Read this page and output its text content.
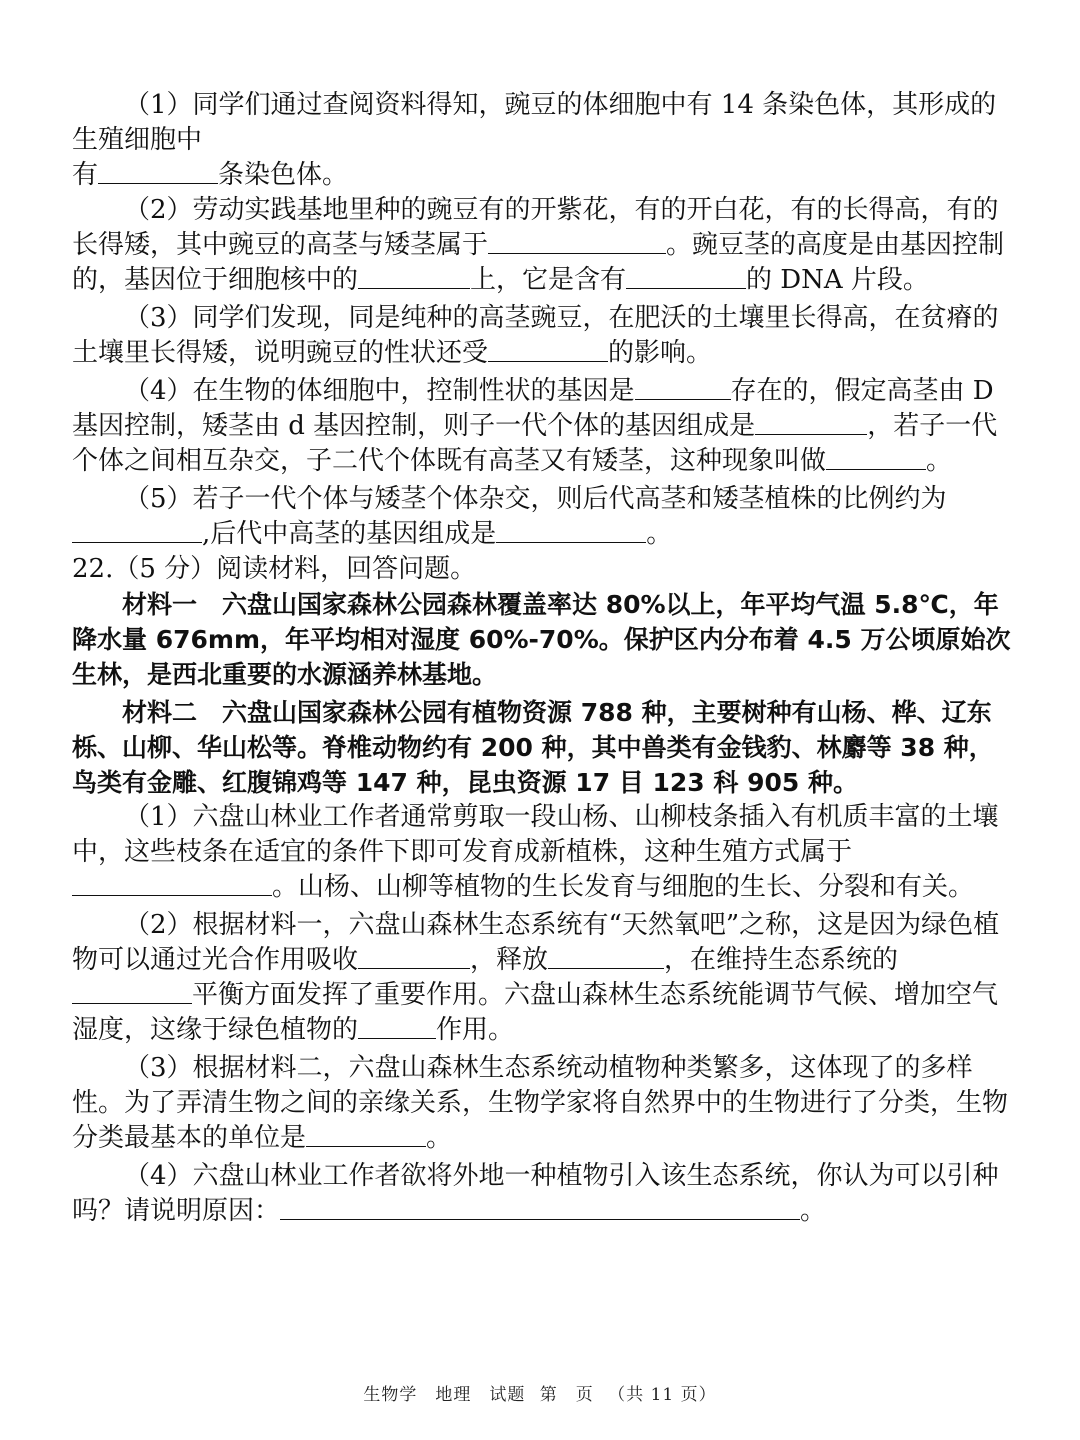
（1）同学们通过查阅资料得知，豌豆的体细胞中有 14 条染色体，其形成的生殖细胞中
有	条染色体。

（2）劳动实践基地里种的豌豆有的开紫花，有的开白花，有的长得高，有的长得矮，其中豌豆的高茎与矮茎属于	。豌豆茎的高度是由基因控制的，基因位于细胞核中的	上，它是含有	的 DNA 片段。

（3）同学们发现，同是纯种的高茎豌豆，在肥沃的土壤里长得高，在贫瘠的土壤里长得矮，说明豌豆的性状还受	的影响。

（4）在生物的体细胞中，控制性状的基因是	存在的，假定高茎由 D 基因控制，矮茎由 d 基因控制，则子一代个体的基因组成是	，若子一代个体之间相互杂交，子二代个体既有高茎又有矮茎，这种现象叫做	。

（5）若子一代个体与矮茎个体杂交，则后代高茎和矮茎植株的比例约为,后代中高茎的基因组成是	。

22.（5 分）阅读材料，回答问题。

材料一　六盘山国家森林公园森林覆盖率达 80%以上，年平均气温 5.8℃，年降水量 676mm，年平均相对湿度 60%-70%。保护区内分布着 4.5 万公顷原始次生林，是西北重要的水源涵养林基地。

材料二　六盘山国家森林公园有植物资源 788 种，主要树种有山杨、桦、辽东栎、山柳、华山松等。脊椎动物约有 200 种，其中兽类有金钱豹、林麝等 38 种，鸟类有金雕、红腹锦鸡等 147 种，昆虫资源 17 目 123 科 905 种。

（1）六盘山林业工作者通常剪取一段山杨、山柳枝条插入有机质丰富的土壤中，这些枝条在适宜的条件下即可发育成新植株，这种生殖方式属于。山杨、山柳等植物的生长发育与细胞的生长、分裂和有关。

（2）根据材料一，六盘山森林生态系统有“天然氧吧”之称，这是因为绿色植物可以通过光合作用吸收	，释放	，在维持生态系统的平衡方面发挥了重要作用。六盘山森林生态系统能调节气候、增加空气湿度，这缘于绿色植物的	作用。

（3）根据材料二，六盘山森林生态系统动植物种类繁多，这体现了的多样性。为了弄清生物之间的亲缘关系，生物学家将自然界中的生物进行了分类，生物分类最基本的单位是	。

（4）六盘山林业工作者欲将外地一种植物引入该生态系统，你认为可以引种吗？请说明原因：	。

生物学　地理　试题 第　页 （共 11 页）
